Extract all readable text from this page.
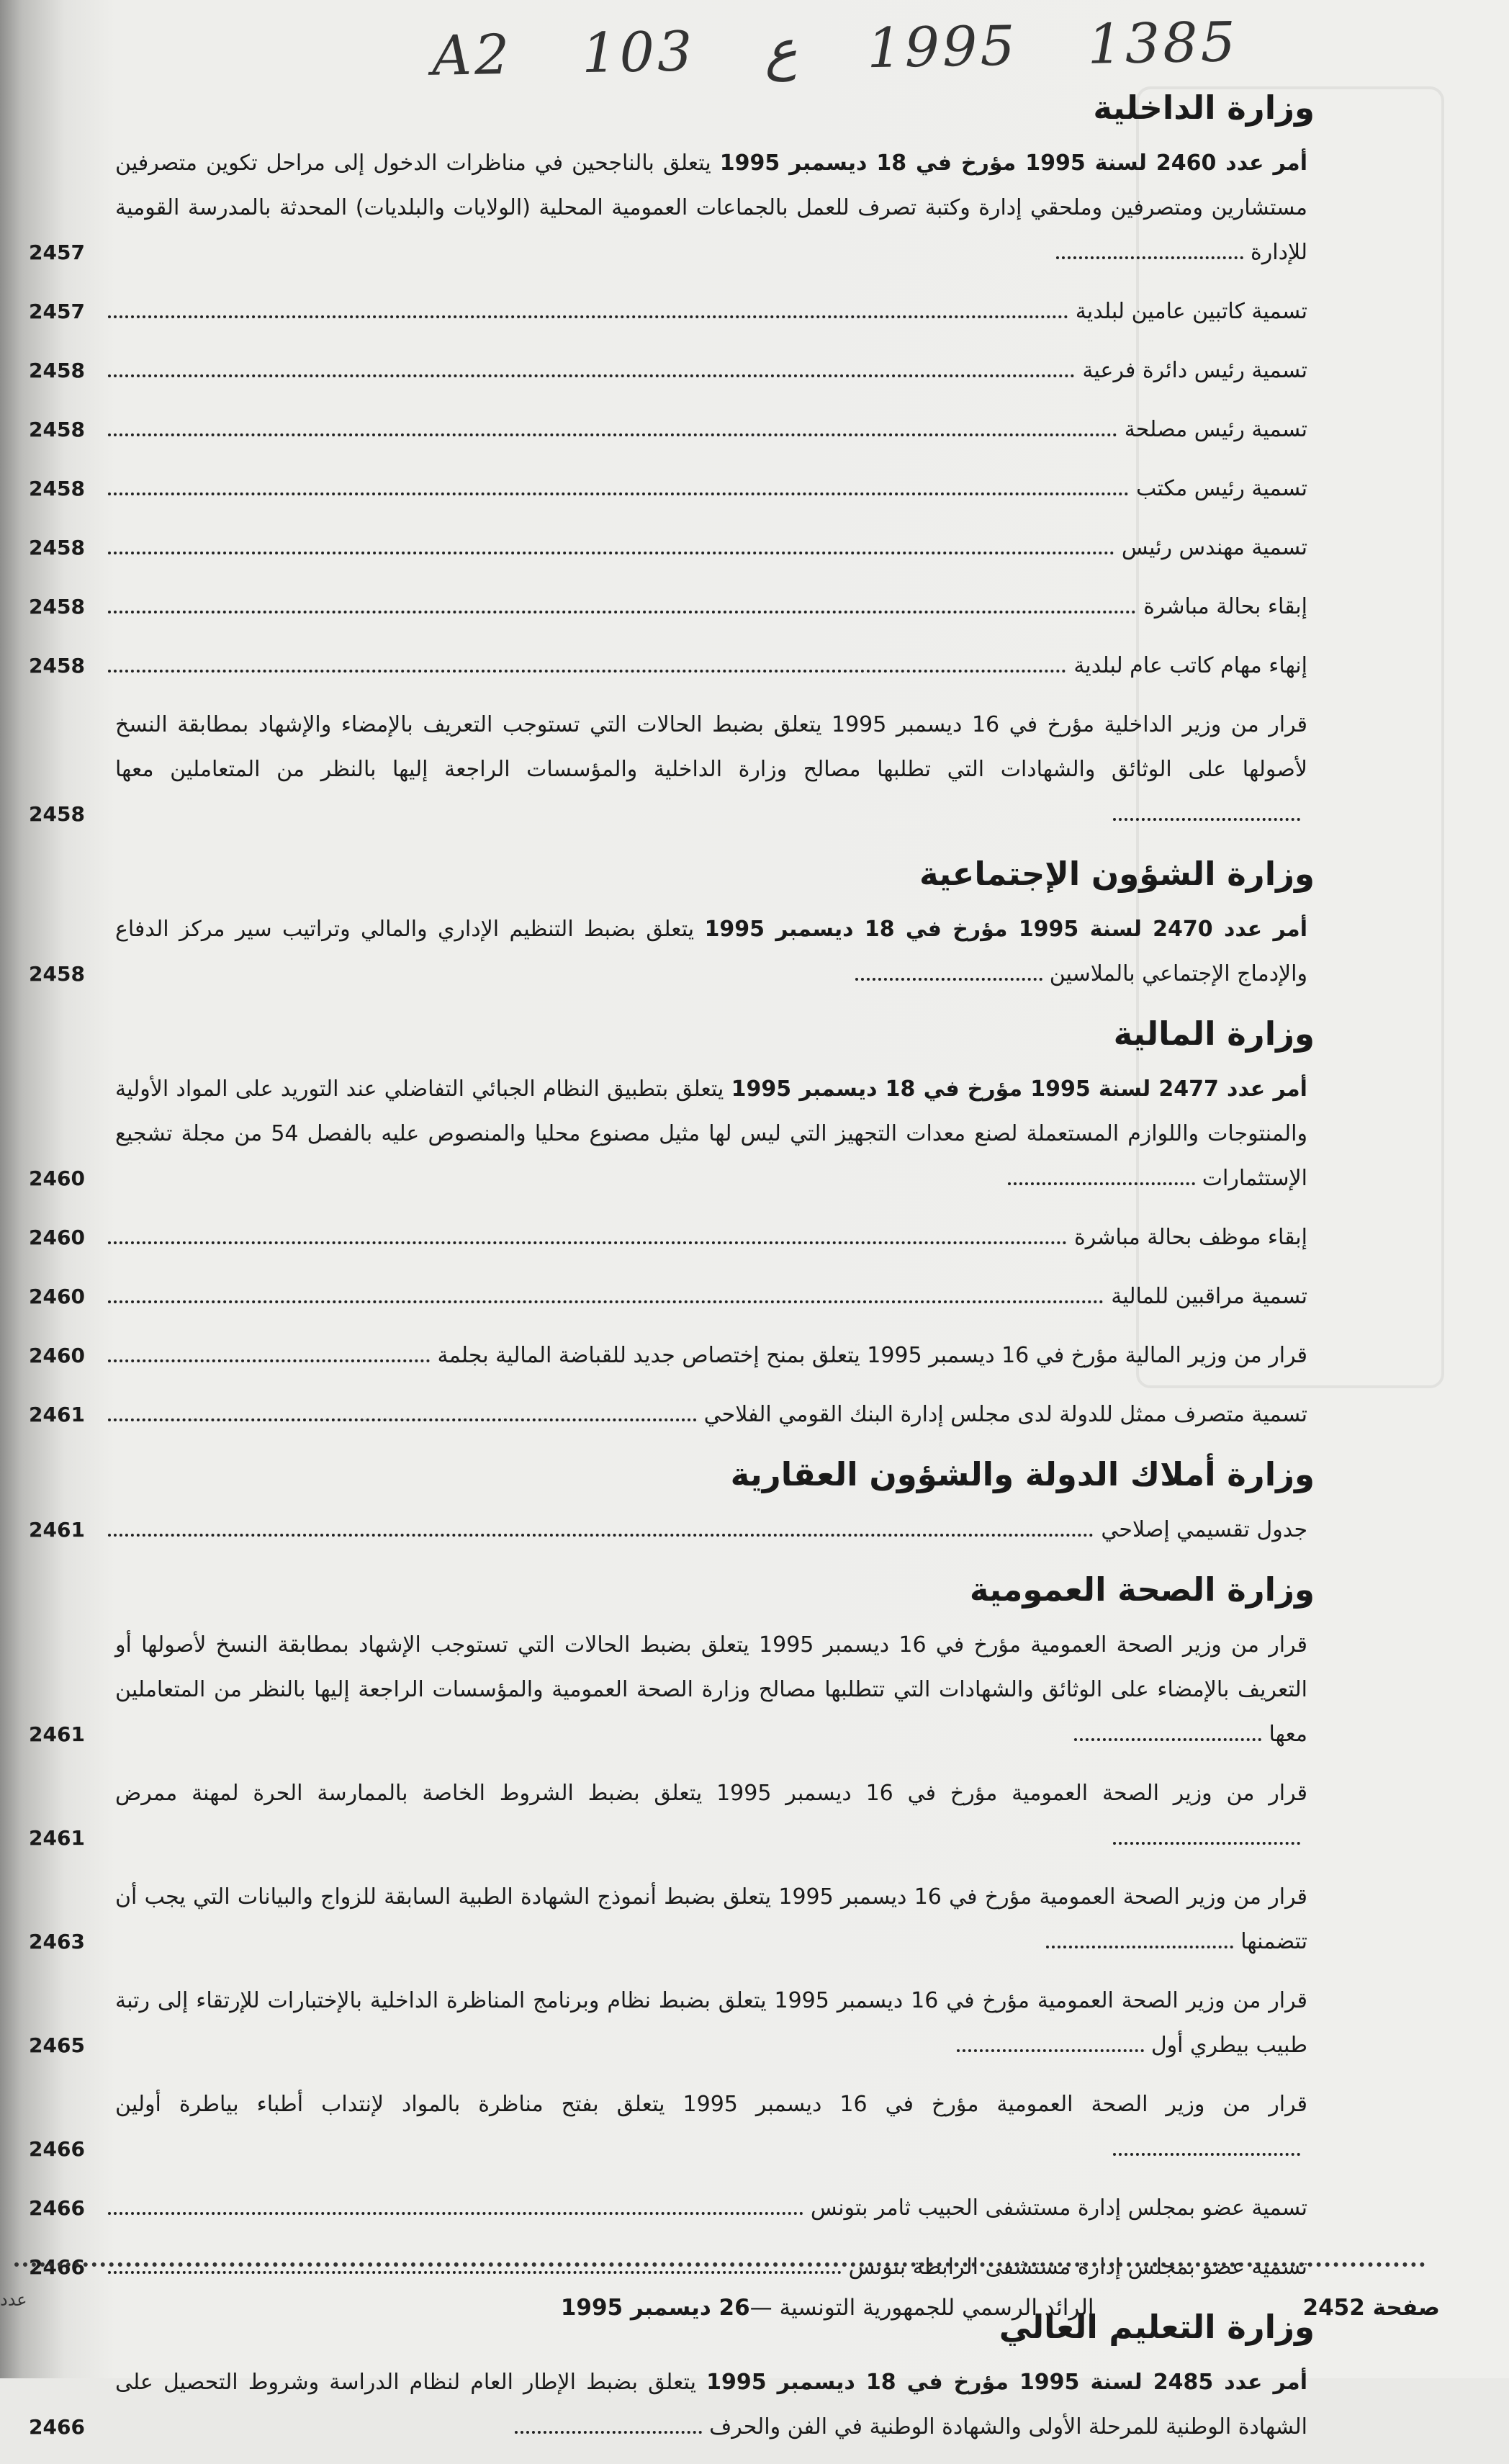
A2 103 ع 1995 1385
وزارة الداخلية
أمر عدد 2460 لسنة 1995 مؤرخ في 18 ديسمبر 1995 يتعلق بالناجحين في مناظرات الدخول إلى مراحل تكوين متصرفين مستشارين ومتصرفين وملحقي إدارة وكتبة تصرف للعمل بالجماعات العمومية المحلية (الولايات والبلديات) المحدثة بالمدرسة القومية للإدارة
2457
تسمية كاتبين عامين لبلدية
2457
تسمية رئيس دائرة فرعية
2458
تسمية رئيس مصلحة
2458
تسمية رئيس مكتب
2458
تسمية مهندس رئيس
2458
إبقاء بحالة مباشرة
2458
إنهاء مهام كاتب عام لبلدية
2458
قرار من وزير الداخلية مؤرخ في 16 ديسمبر 1995 يتعلق بضبط الحالات التي تستوجب التعريف بالإمضاء والإشهاد بمطابقة النسخ لأصولها على الوثائق والشهادات التي تطلبها مصالح وزارة الداخلية والمؤسسات الراجعة إليها بالنظر من المتعاملين معها
2458
وزارة الشؤون الإجتماعية
أمر عدد 2470 لسنة 1995 مؤرخ في 18 ديسمبر 1995 يتعلق بضبط التنظيم الإداري والمالي وتراتيب سير مركز الدفاع والإدماج الإجتماعي بالملاسين
2458
وزارة المالية
أمر عدد 2477 لسنة 1995 مؤرخ في 18 ديسمبر 1995 يتعلق بتطبيق النظام الجبائي التفاضلي عند التوريد على المواد الأولية والمنتوجات واللوازم المستعملة لصنع معدات التجهيز التي ليس لها مثيل مصنوع محليا والمنصوص عليه بالفصل 54 من مجلة تشجيع الإستثمارات
2460
إبقاء موظف بحالة مباشرة
2460
تسمية مراقبين للمالية
2460
قرار من وزير المالية مؤرخ في 16 ديسمبر 1995 يتعلق بمنح إختصاص جديد للقباضة المالية بجلمة
2460
تسمية متصرف ممثل للدولة لدى مجلس إدارة البنك القومي الفلاحي
2461
وزارة أملاك الدولة والشؤون العقارية
جدول تقسيمي إصلاحي
2461
وزارة الصحة العمومية
قرار من وزير الصحة العمومية مؤرخ في 16 ديسمبر 1995 يتعلق بضبط الحالات التي تستوجب الإشهاد بمطابقة النسخ لأصولها أو التعريف بالإمضاء على الوثائق والشهادات التي تتطلبها مصالح وزارة الصحة العمومية والمؤسسات الراجعة إليها بالنظر من المتعاملين معها
2461
قرار من وزير الصحة العمومية مؤرخ في 16 ديسمبر 1995 يتعلق بضبط الشروط الخاصة بالممارسة الحرة لمهنة ممرض
2461
قرار من وزير الصحة العمومية مؤرخ في 16 ديسمبر 1995 يتعلق بضبط أنموذج الشهادة الطبية السابقة للزواج والبيانات التي يجب أن تتضمنها
2463
قرار من وزير الصحة العمومية مؤرخ في 16 ديسمبر 1995 يتعلق بضبط نظام وبرنامج المناظرة الداخلية بالإختبارات للإرتقاء إلى رتبة طبيب بيطري أول
2465
قرار من وزير الصحة العمومية مؤرخ في 16 ديسمبر 1995 يتعلق بفتح مناظرة بالمواد لإنتداب أطباء بياطرة أولين
2466
تسمية عضو بمجلس إدارة مستشفى الحبيب ثامر بتونس
2466
تسمية عضو بمجلس إدارة مستشفى الرابطة بتونس
2466
وزارة التعليم العالي
أمر عدد 2485 لسنة 1995 مؤرخ في 18 ديسمبر 1995 يتعلق بضبط الإطار العام لنظام الدراسة وشروط التحصيل على الشهادة الوطنية للمرحلة الأولى والشهادة الوطنية في الفن والحرف
2466
صفحة 2452
الرائد الرسمي للجمهورية التونسية —
26 ديسمبر 1995
عدد
